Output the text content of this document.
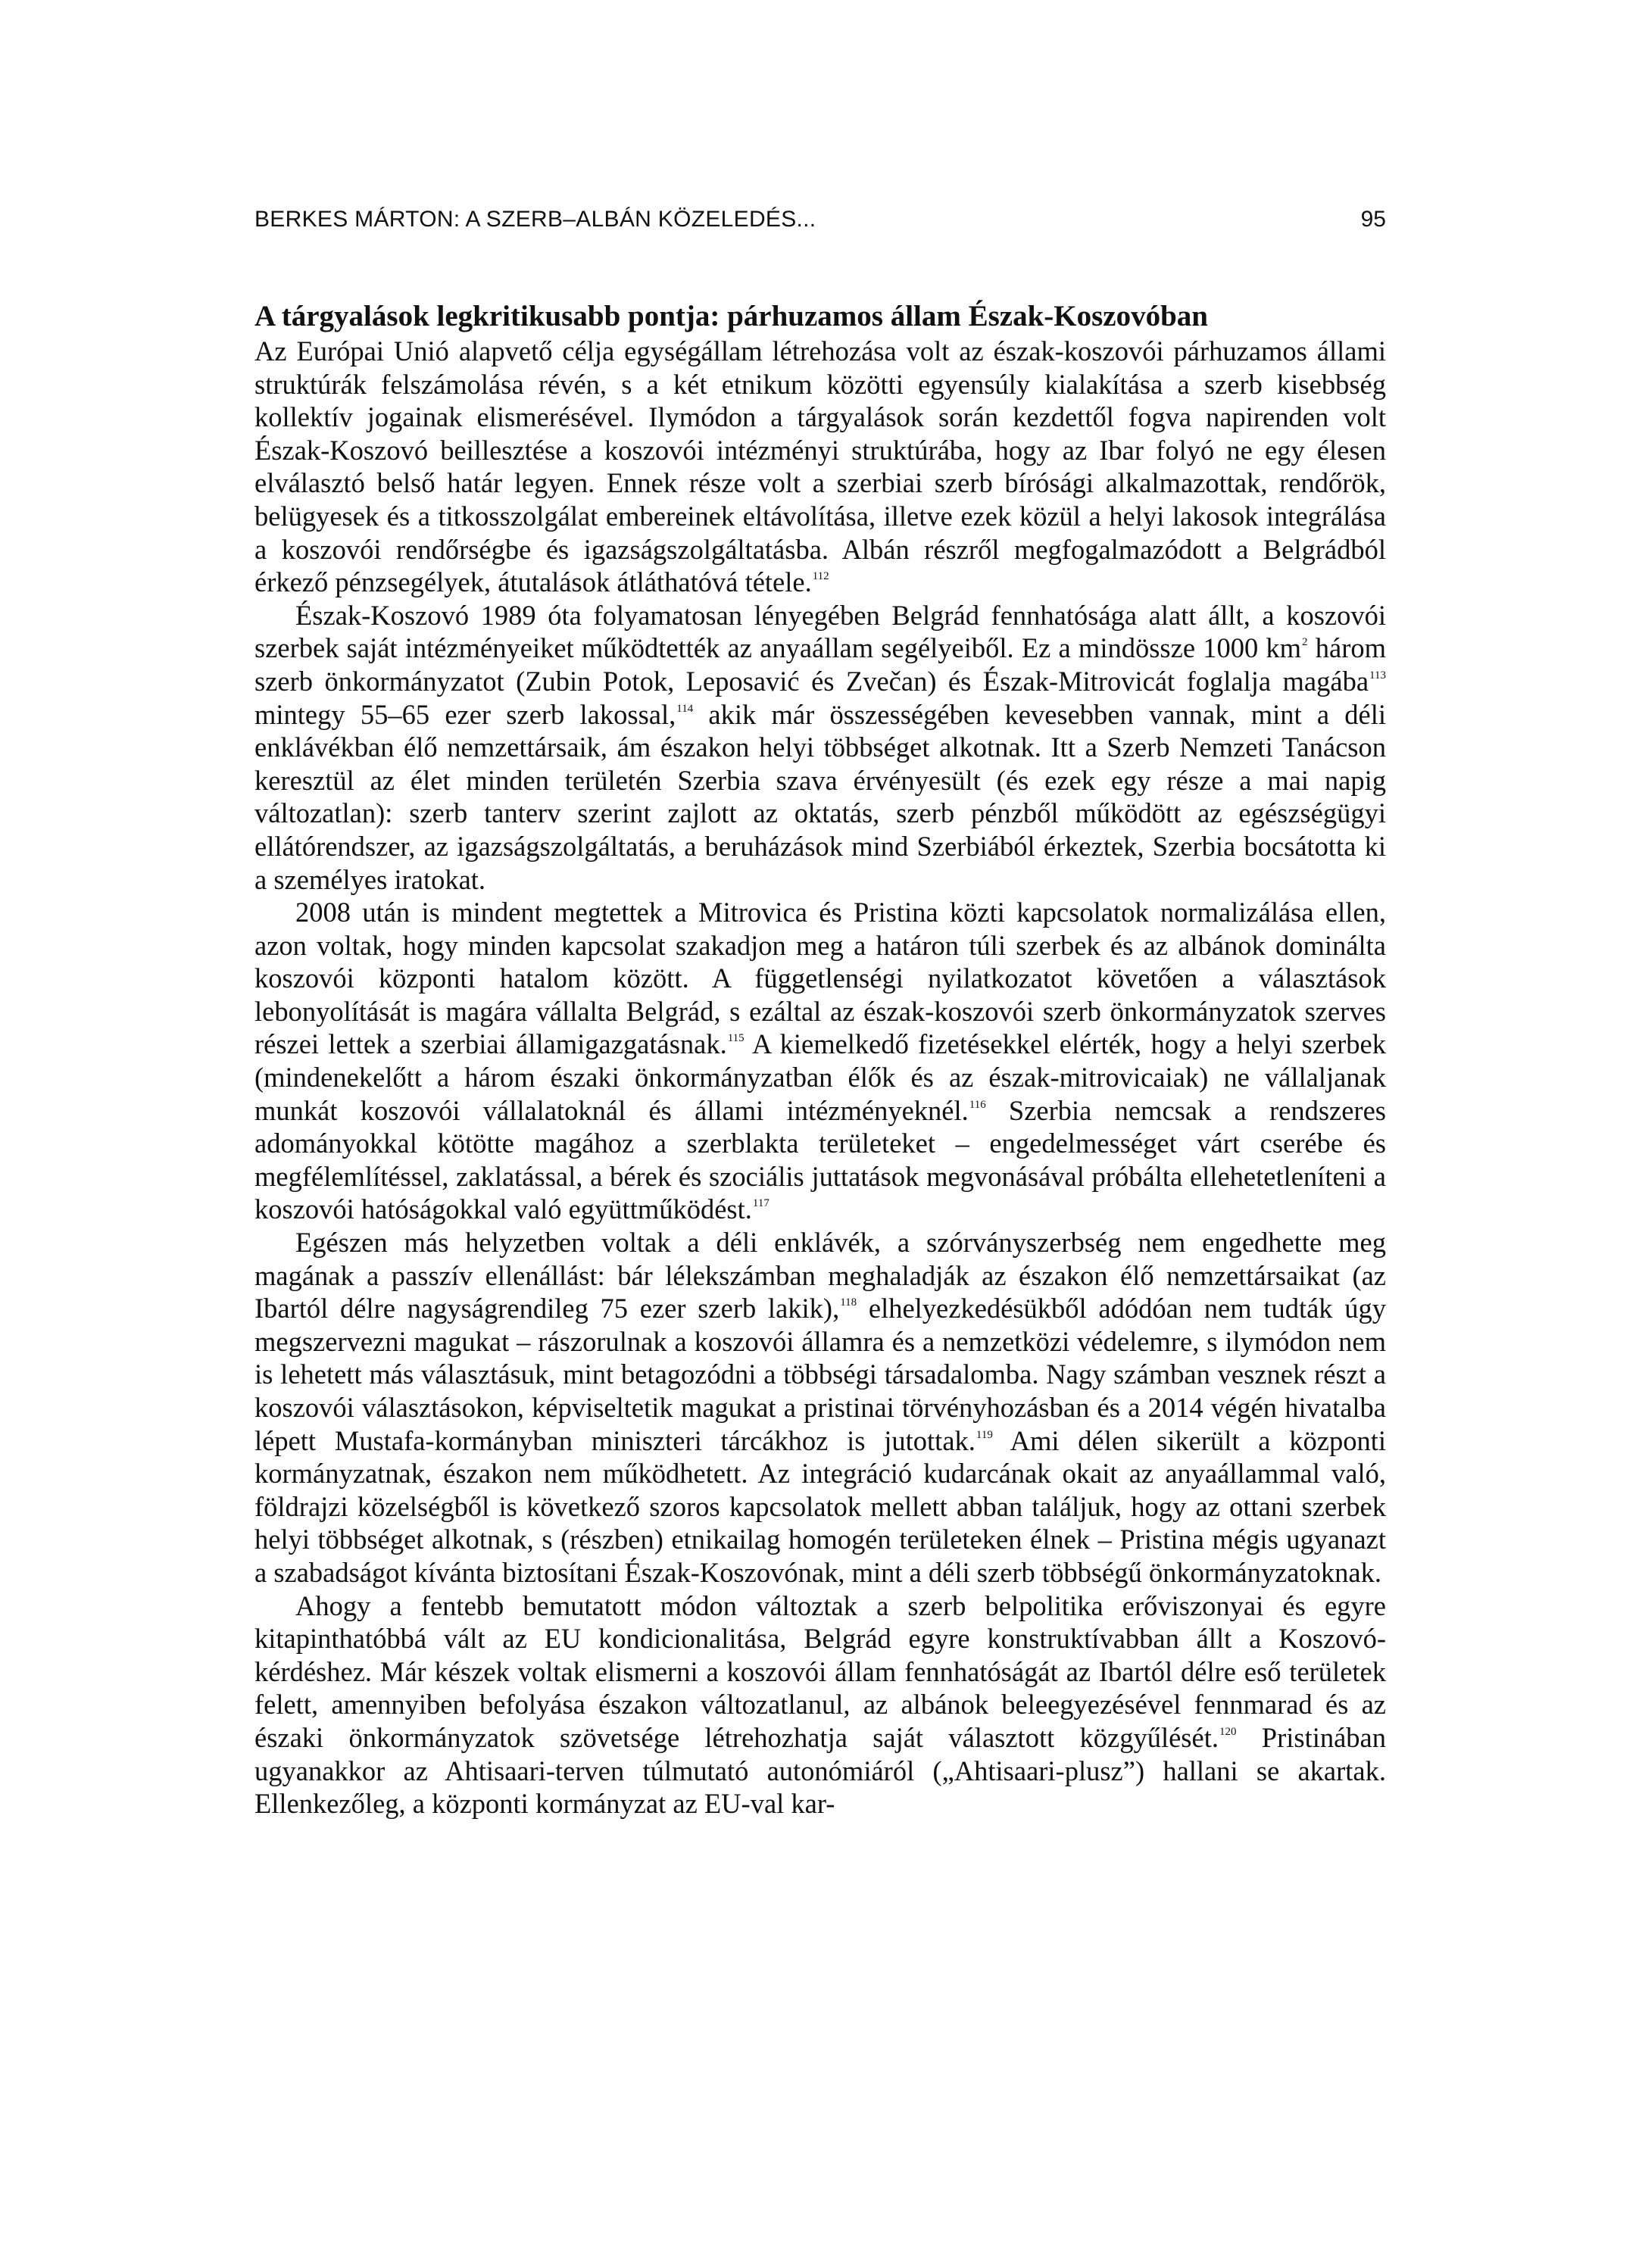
BERKES MÁRTON: A SZERB–ALBÁN KÖZELEDÉS...	95
A tárgyalások legkritikusabb pontja: párhuzamos állam Észak-Koszovóban

Az Európai Unió alapvető célja egységállam létrehozása volt az észak-koszovói párhuzamos állami struktúrák felszámolása révén, s a két etnikum közötti egyensúly kialakítása a szerb kisebbség kollektív jogainak elismerésével. Ilymódon a tárgyalások során kezdettől fogva napirenden volt Észak-Koszovó beillesztése a koszovói intézményi struktúrába, hogy az Ibar folyó ne egy élesen elválasztó belső határ legyen. Ennek része volt a szerbiai szerb bírósági alkalmazottak, rendőrök, belügyesek és a titkosszolgálat embereinek eltávolítása, illetve ezek közül a helyi lakosok integrálása a koszovói rendőrségbe és igazságszolgáltatásba. Albán részről megfogalmazódott a Belgrádból érkező pénzsegélyek, átutalások átláthatóvá tétele.$^{112}$

Észak-Koszovó 1989 óta folyamatosan lényegében Belgrád fennhatósága alatt állt, a koszovói szerbek saját intézményeiket működtették az anyaállam segélyeiből. Ez a mindössze 1000 $km^2$ három szerb önkormányzatot (Zubin Potok, Leposavić és Zvečan) és Észak-Mitrovicát foglalja magába$^{113}$ mintegy 55–65 ezer szerb lakossal,$^{114}$ akik már összességében kevesebben vannak, mint a déli enklávékban élő nemzettársaik, ám északon helyi többséget alkotnak. Itt a Szerb Nemzeti Tanácson keresztül az élet minden területén Szerbia szava érvényesült (és ezek egy része a mai napig változatlan): szerb tanterv szerint zajlott az oktatás, szerb pénzből működött az egészségügyi ellátórendszer, az igazságszolgáltatás, a beruházások mind Szerbiából érkeztek, Szerbia bocsátotta ki a személyes iratokat.

2008 után is mindent megtettek a Mitrovica és Pristina közti kapcsolatok normalizálása ellen, azon voltak, hogy minden kapcsolat szakadjon meg a határon túli szerbek és az albánok dominálta koszovói központi hatalom között. A függetlenségi nyilatkozatot követően a választások lebonyolítását is magára vállalta Belgrád, s ezáltal az észak-koszovói szerb önkormányzatok szerves részei lettek a szerbiai államigazgatásnak.$^{115}$ A kiemelkedő fizetésekkel elérték, hogy a helyi szerbek (mindenekelőtt a három északi önkormányzatban élők és az észak-mitrovicaiak) ne vállaljanak munkát koszovói vállalatoknál és állami intézményeknél.$^{116}$ Szerbia nemcsak a rendszeres adományokkal kötötte magához a szerblakta területeket – engedelmességet várt cserébe és megfélemlítéssel, zaklatással, a bérek és szociális juttatások megvonásával próbálta ellehetetleníteni a koszovói hatóságokkal való együttműködést.$^{117}$

Egészen más helyzetben voltak a déli enklávék, a szórványszerbség nem engedhette meg magának a passzív ellenállást: bár lélekszámban meghaladják az északon élő nemzettársaikat (az Ibartól délre nagyságrendileg 75 ezer szerb lakik),$^{118}$ elhelyezkedésükből adódóan nem tudták úgy megszervezni magukat – rászorulnak a koszovói államra és a nemzetközi védelemre, s ilymódon nem is lehetett más választásuk, mint betagozódni a többségi társadalomba. Nagy számban vesznek részt a koszovói választásokon, képviseltetik magukat a pristinai törvényhozásban és a 2014 végén hivatalba lépett Mustafa-kormányban miniszteri tárcákhoz is jutottak.$^{119}$ Ami délen sikerült a központi kormányzatnak, északon nem működhetett. Az integráció kudarcának okait az anyaállammal való, földrajzi közelségből is következő szoros kapcsolatok mellett abban találjuk, hogy az ottani szerbek helyi többséget alkotnak, s (részben) etnikailag homogén területeken élnek – Pristina mégis ugyanazt a szabadságot kívánta biztosítani Észak-Koszovónak, mint a déli szerb többségű önkormányzatoknak.

Ahogy a fentebb bemutatott módon változtak a szerb belpolitika erőviszonyai és egyre kitapinthatóbbá vált az EU kondicionalitása, Belgrád egyre konstruktívabban állt a Koszovó-kérdéshez. Már készek voltak elismerni a koszovói állam fennhatóságát az Ibartól délre eső területek felett, amennyiben befolyása északon változatlanul, az albánok beleegyezésével fennmarad és az északi önkormányzatok szövetsége létrehozhatja saját választott közgyűlését.$^{120}$ Pristinában ugyanakkor az Ahtisaari-terven túlmutató autonómiáról („Ahtisaari-plusz”) hallani se akartak. Ellenkezőleg, a központi kormányzat az EU-val kar-
